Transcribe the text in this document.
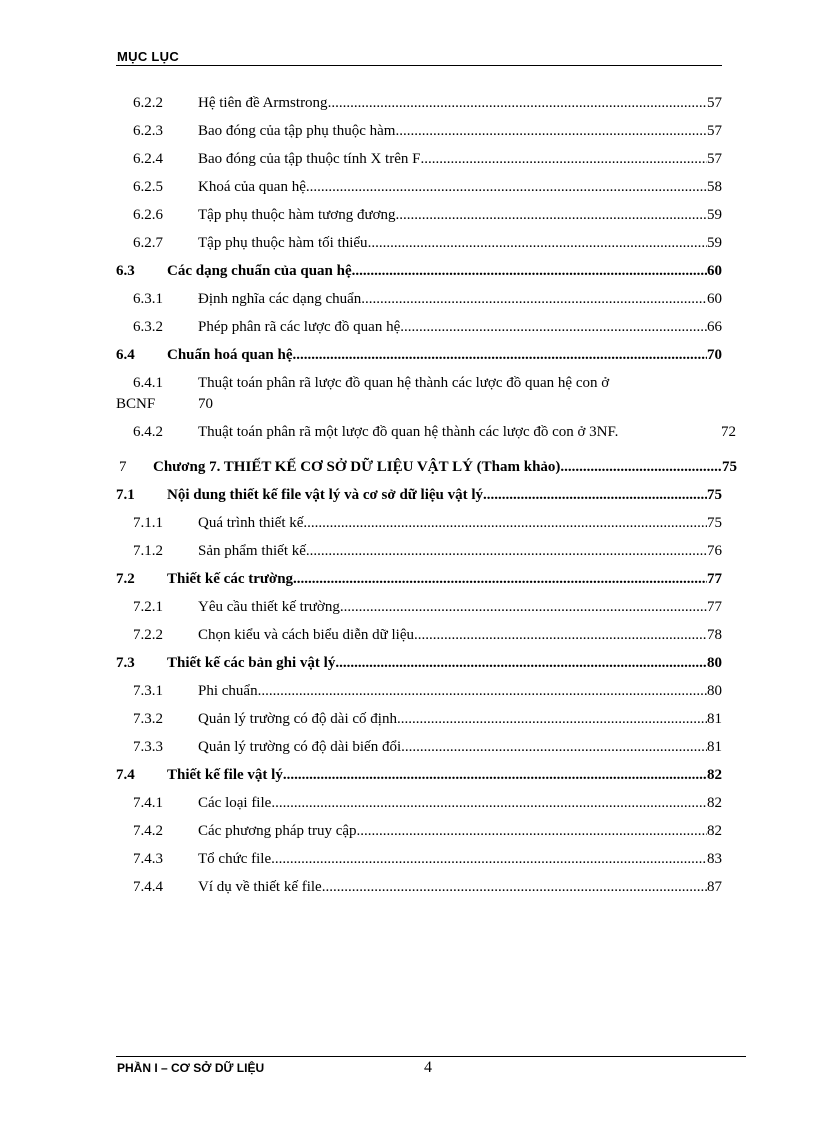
MỤC LỤC
6.2.2 Hệ tiên đề Armstrong .....	57
6.2.3 Bao đóng của tập phụ thuộc hàm .....	57
6.2.4 Bao đóng của tập thuộc tính X trên F .....	57
6.2.5 Khoá của quan hệ .....	58
6.2.6 Tập phụ thuộc hàm tương đương .....	59
6.2.7 Tập phụ thuộc hàm tối thiểu .....	59
6.3 Các dạng chuẩn của quan hệ .....	60
6.3.1 Định nghĩa các dạng chuẩn .....	60
6.3.2 Phép phân rã các lược đồ quan hệ .....	66
6.4 Chuẩn hoá quan hệ .....	70
6.4.1 Thuật toán phân rã lược đồ quan hệ thành các lược đồ quan hệ con ở
BCNF	70
6.4.2 Thuật toán phân rã một lược đồ quan hệ thành các lược đồ con ở 3NF.	72
7 Chương 7. THIẾT KẾ CƠ SỞ DỮ LIỆU VẬT LÝ (Tham khảo) .....	75
7.1 Nội dung thiết kế file vật lý và cơ sở dữ liệu vật lý .....	75
7.1.1 Quá trình thiết kế .....	75
7.1.2 Sản phẩm thiết kế .....	76
7.2 Thiết kế các trường .....	77
7.2.1 Yêu cầu thiết kế trường .....	77
7.2.2 Chọn kiểu và cách biểu diễn dữ liệu .....	78
7.3 Thiết kế các bản ghi vật lý .....	80
7.3.1 Phi chuẩn .....	80
7.3.2 Quản lý trường có độ dài cố định .....	81
7.3.3 Quản lý trường có độ dài biến đổi .....	81
7.4 Thiết kế file vật lý .....	82
7.4.1 Các loại file .....	82
7.4.2 Các phương pháp truy cập .....	82
7.4.3 Tổ chức file .....	83
7.4.4 Ví dụ về thiết kế file .....	87
PHẦN I – CƠ SỞ DỮ LIỆU	4
